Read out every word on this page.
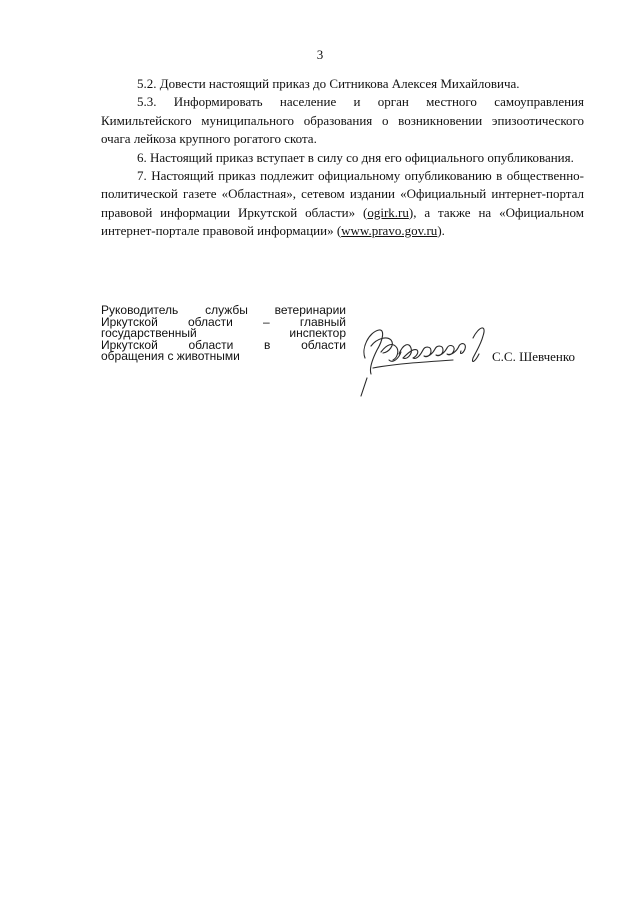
3

5.2. Довести настоящий приказ до Ситникова Алексея Михайловича.

5.3. Информировать население и орган местного самоуправления Кимильтейского муниципального образования о возникновении эпизоотического очага лейкоза крупного рогатого скота.

6. Настоящий приказ вступает в силу со дня его официального опубликования.

7. Настоящий приказ подлежит официальному опубликованию в общественно-политической газете «Областная», сетевом издании «Официальный интернет-портал правовой информации Иркутской области» (ogirk.ru), а также на «Официальном интернет-портале правовой информации» (www.pravo.gov.ru).

Руководитель службы ветеринарии
Иркутской области – главный
государственный инспектор
Иркутской области в области
обращения с животными	С.С. Шевченко
